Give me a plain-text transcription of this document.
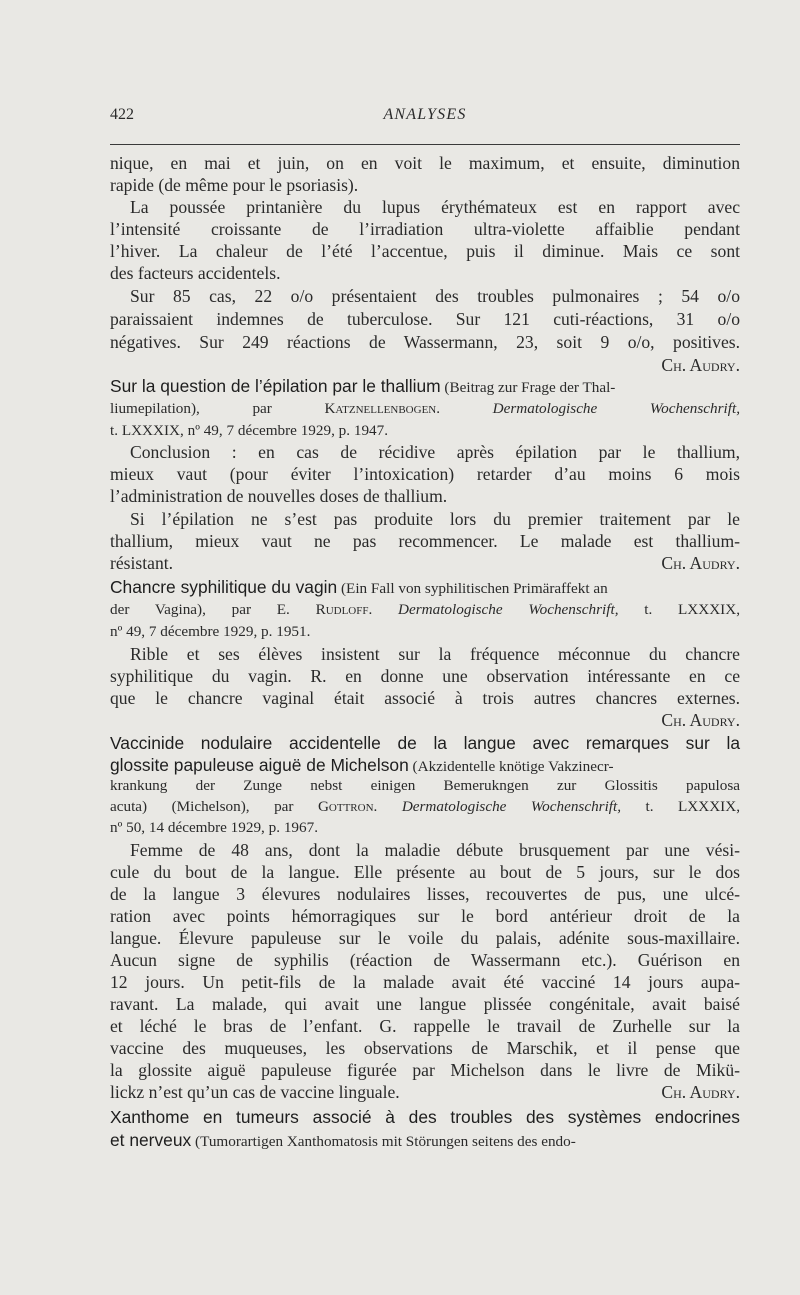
422	ANALYSES
nique, en mai et juin, on en voit le maximum, et ensuite, diminution
rapide (de même pour le psoriasis).
La poussée printanière du lupus érythémateux est en rapport avec
l’intensité croissante de l’irradiation ultra-violette affaiblie pendant
l’hiver. La chaleur de l’été l’accentue, puis il diminue. Mais ce sont
des facteurs accidentels.
Sur 85 cas, 22 o/o présentaient des troubles pulmonaires ; 54 o/o
paraissaient indemnes de tuberculose. Sur 121 cuti-réactions, 31 o/o
négatives. Sur 249 réactions de Wassermann, 23, soit 9 o/o, positives.
Ch. Audry.
Sur la question de l’épilation par le thallium (Beitrag zur Frage der Thal-
liumepilation), par Katznellenbogen. Dermatologische Wochenschrift,
t. LXXXIX, nº 49, 7 décembre 1929, p. 1947.
Conclusion : en cas de récidive après épilation par le thallium,
mieux vaut (pour éviter l’intoxication) retarder d’au moins 6 mois
l’administration de nouvelles doses de thallium.
Si l’épilation ne s’est pas produite lors du premier traitement par le
thallium, mieux vaut ne pas recommencer. Le malade est thallium-
résistant.	Ch. Audry.
Chancre syphilitique du vagin (Ein Fall von syphilitischen Primäraffekt an
der Vagina), par E. Rudloff. Dermatologische Wochenschrift, t. LXXXIX,
nº 49, 7 décembre 1929, p. 1951.
Rible et ses élèves insistent sur la fréquence méconnue du chancre
syphilitique du vagin. R. en donne une observation intéressante en ce
que le chancre vaginal était associé à trois autres chancres externes.
Ch. Audry.
Vaccinide nodulaire accidentelle de la langue avec remarques sur la
glossite papuleuse aiguë de Michelson (Akzidentelle knötige Vakzinecr-
krankung der Zunge nebst einigen Bemerukngen zur Glossitis papulosa
acuta) (Michelson), par Gottron. Dermatologische Wochenschrift, t. LXXXIX,
nº 50, 14 décembre 1929, p. 1967.
Femme de 48 ans, dont la maladie débute brusquement par une vési-
cule du bout de la langue. Elle présente au bout de 5 jours, sur le dos
de la langue 3 élevures nodulaires lisses, recouvertes de pus, une ulcé-
ration avec points hémorragiques sur le bord antérieur droit de la
langue. Élevure papuleuse sur le voile du palais, adénite sous-maxillaire.
Aucun signe de syphilis (réaction de Wassermann etc.). Guérison en
12 jours. Un petit-fils de la malade avait été vacciné 14 jours aupa-
ravant. La malade, qui avait une langue plissée congénitale, avait baisé
et léché le bras de l’enfant. G. rappelle le travail de Zurhelle sur la
vaccine des muqueuses, les observations de Marschik, et il pense que
la glossite aiguë papuleuse figurée par Michelson dans le livre de Mikü-
lickz n’est qu’un cas de vaccine linguale.	Ch. Audry.
Xanthome en tumeurs associé à des troubles des systèmes endocrines
et nerveux (Tumorartigen Xanthomatosis mit Störungen seitens des endo-
